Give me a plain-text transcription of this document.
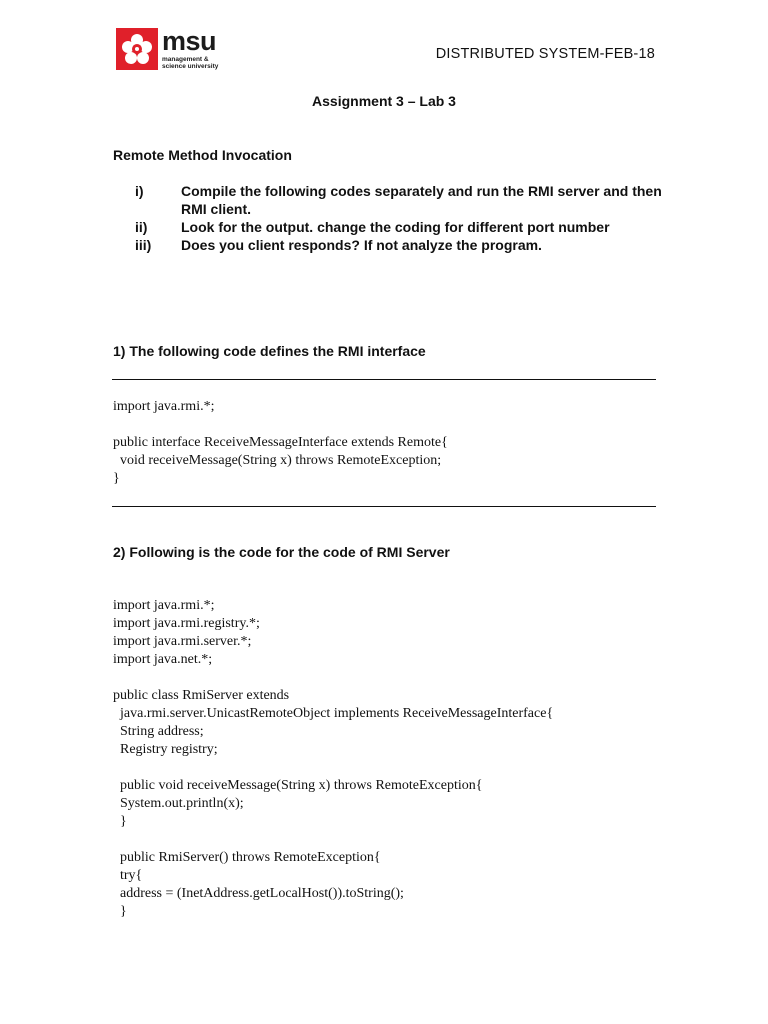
msu
management &
science university
DISTRIBUTED SYSTEM-FEB-18
Assignment 3 – Lab 3
Remote Method Invocation
i)	Compile the following codes separately and run the RMI server and then RMI client.
ii)	Look for the output. change the coding for different port number
iii)	Does you client responds? If not analyze the program.
1) The following code defines the RMI interface
import java.rmi.*;

public interface ReceiveMessageInterface extends Remote{
void receiveMessage(String x) throws RemoteException;
}
2) Following is the code for the code of RMI Server
import java.rmi.*;
import java.rmi.registry.*;
import java.rmi.server.*;
import java.net.*;

public class RmiServer extends
java.rmi.server.UnicastRemoteObject implements ReceiveMessageInterface{
String address;
Registry registry;

public void receiveMessage(String x) throws RemoteException{
System.out.println(x);
}

public RmiServer() throws RemoteException{
try{
address = (InetAddress.getLocalHost()).toString();
}
